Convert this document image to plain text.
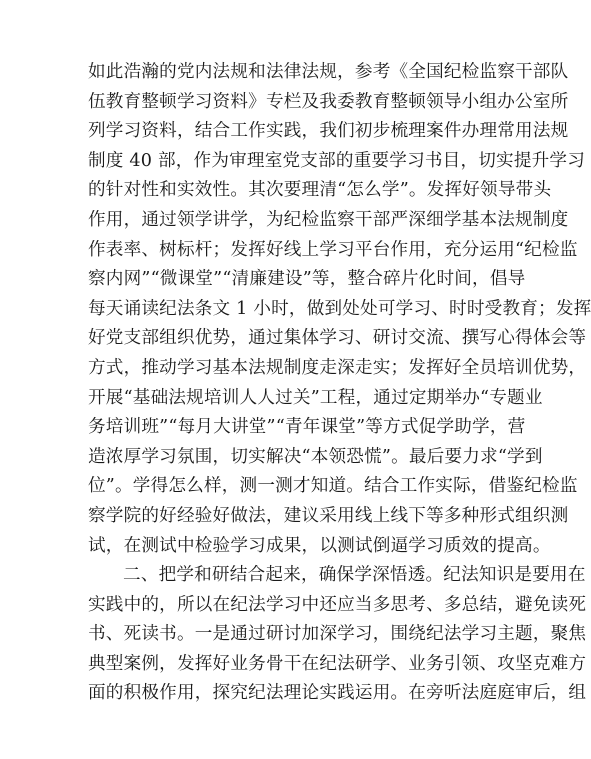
如此浩瀚的党内法规和法律法规，参考《全国纪检监察干部队
伍教育整顿学习资料》专栏及我委教育整顿领导小组办公室所
列学习资料，结合工作实践，我们初步梳理案件办理常用法规
制度 40 部，作为审理室党支部的重要学习书目，切实提升学习
的针对性和实效性。其次要理清“怎么学”。发挥好领导带头
作用，通过领学讲学，为纪检监察干部严深细学基本法规制度
作表率、树标杆；发挥好线上学习平台作用，充分运用“纪检监
察内网”“微课堂”“清廉建设”等，整合碎片化时间，倡导
每天诵读纪法条文 1 小时，做到处处可学习、时时受教育；发挥
好党支部组织优势，通过集体学习、研讨交流、撰写心得体会等
方式，推动学习基本法规制度走深走实；发挥好全员培训优势，
开展“基础法规培训人人过关”工程，通过定期举办“专题业
务培训班”“每月大讲堂”“青年课堂”等方式促学助学，营
造浓厚学习氛围，切实解决“本领恐慌”。最后要力求“学到
位”。学得怎么样，测一测才知道。结合工作实际，借鉴纪检监
察学院的好经验好做法，建议采用线上线下等多种形式组织测
试，在测试中检验学习成果，以测试倒逼学习质效的提高。
二、把学和研结合起来，确保学深悟透。纪法知识是要用在
实践中的，所以在纪法学习中还应当多思考、多总结，避免读死
书、死读书。一是通过研讨加深学习，围绕纪法学习主题，聚焦
典型案例，发挥好业务骨干在纪法研学、业务引领、攻坚克难方
面的积极作用，探究纪法理论实践运用。在旁听法庭庭审后，组
